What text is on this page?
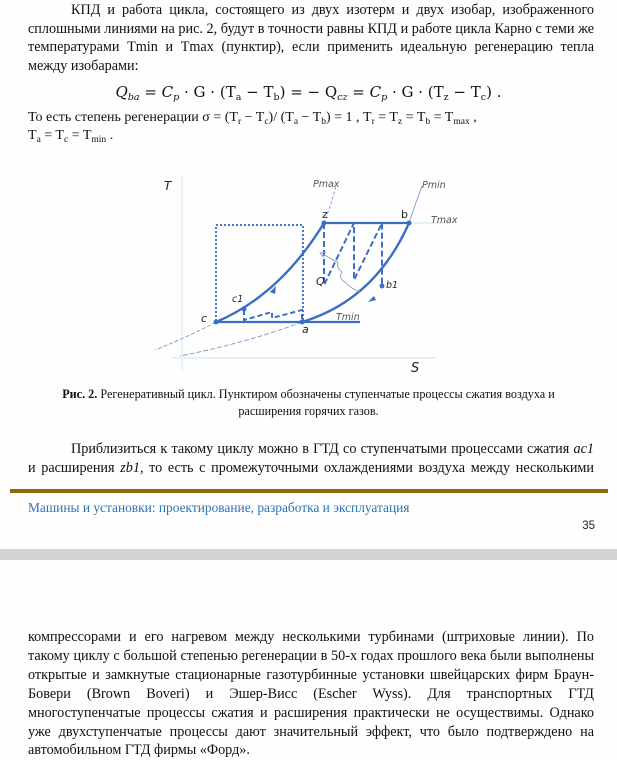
КПД и работа цикла, состоящего из двух изотерм и двух изобар, изображенного
сплошными линиями на рис. 2, будут в точности равны КПД и работе цикла Карно с теми же
температурами Tmin и Tmax (пунктир), если применить идеальную регенерацию тепла
между изобарами:
$Q_{ba} = C_p \cdot G \cdot (T_a - T_b)$ = − $Q_{cz} = C_p \cdot G \cdot (T_z - T_c)$ .
То есть степень регенерации $\sigma = (T_r - T_c)/$ $(T_a - T_b) = 1$ , $T_r = T_z = T_b = T_{max}$ ,
$T_a = T_c = T_{min}$ .
T
S
Pmax	Pmin
Tmax
Tmin
z	b
b1
c
c1
a
Q
Рис. 2. Регенеративный цикл. Пунктиром обозначены ступенчатые процессы сжатия воздуха и расширения горячих газов.
Приблизиться к такому циклу можно в ГТД со ступенчатыми процессами сжатия ac1
и расширения zb1, то есть с промежуточными охлаждениями воздуха между несколькими
Машины и установки: проектирование, разработка и эксплуатация
35
компрессорами и его нагревом между несколькими турбинами (штриховые линии). По
такому циклу с большой степенью регенерации в 50-х годах прошлого века были выполнены
открытые и замкнутые стационарные газотурбинные установки швейцарских фирм Браун-
Бовери (Brown Boveri) и Эшер-Висс (Escher Wyss). Для транспортных ГТД
многоступенчатые процессы сжатия и расширения практически не осуществимы. Однако
уже двухступенчатые процессы дают значительный эффект, что было подтверждено на
автомобильном ГТД фирмы «Форд».
